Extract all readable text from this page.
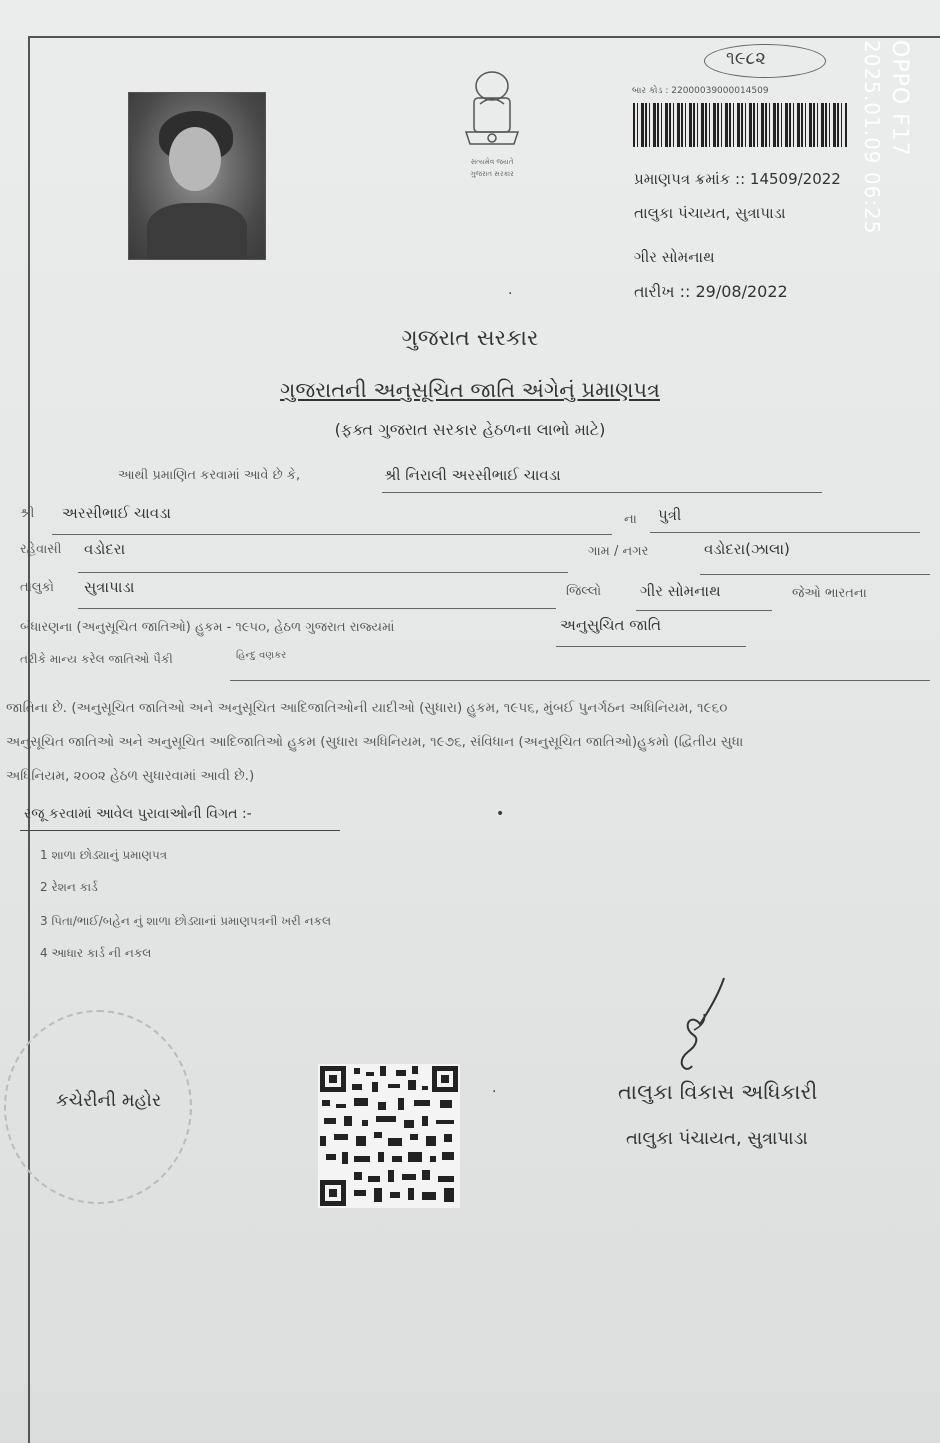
સત્યમેવ જયતે
ગુજરાત સરકાર
૧૯૮૨
બાર કોડ : 22000039000014509
પ્રમાણપત્ર ક્રમાંક :: 14509/2022
તાલુકા પંચાયત, સુત્રાપાડા
ગીર સોમનાથ
તારીખ :: 29/08/2022
·
ગુજરાત સરકાર
ગુજરાતની અનુસૂચિત જાતિ અંગેનું પ્રમાણપત્ર
(ફક્ત ગુજરાત સરકાર હેઠળના લાભો માટે)
આથી પ્રમાણિત કરવામાં આવે છે કે,	શ્રી નિરાલી અરસીભાઈ ચાવડા
શ્રી અરસીભાઈ ચાવડા	ના પુત્રી
રહેવાસી વડોદરા	ગામ / નગર	વડોદરા(ઝાલા)
તાલુકો સુત્રાપાડા	જિલ્લો	ગીર સોમનાથ	જેઓ ભારતના
બંધારણના (અનુસૂચિત જાતિઓ) હુકમ - ૧૯૫૦, હેઠળ ગુજરાત રાજ્યમાં	અનુસુચિત જાતિ
તરીકે માન્ય કરેલ જાતિઓ પૈકી	હિન્દુ વણકર
જાતિના છે. (અનુસૂચિત જાતિઓ અને અનુસૂચિત આદિજાતિઓની યાદીઓ (સુધારા) હુકમ, ૧૯૫૬, મુંબઈ પુનર્ગઠન અધિનિયમ, ૧૯૬૦
અનુસૂચિત જાતિઓ અને અનુસૂચિત આદિજાતિઓ હુકમ (સુધારા અધિનિયમ, ૧૯૭૬, સંવિધાન (અનુસૂચિત જાતિઓ)હુકમો (દ્વિતીય સુધા
અધિનિયમ, ૨૦૦૨ હેઠળ સુધારવામાં આવી છે.)
રજૂ કરવામાં આવેલ પુરાવાઓની વિગત :-	•
1 શાળા છોડ્યાનું પ્રમાણપત્ર
2 રેશન કાર્ડ
3 પિતા/ભાઈ/બહેન નું શાળા છોડ્યાનાં પ્રમાણપત્રની ખરી નકલ
4 આધાર કાર્ડ ની નકલ
કચેરીની મહોર	·	તાલુકા વિકાસ અધિકારી
તાલુકા પંચાયત, સુત્રાપાડા
OPPO F17
2025.01.09 06:25
